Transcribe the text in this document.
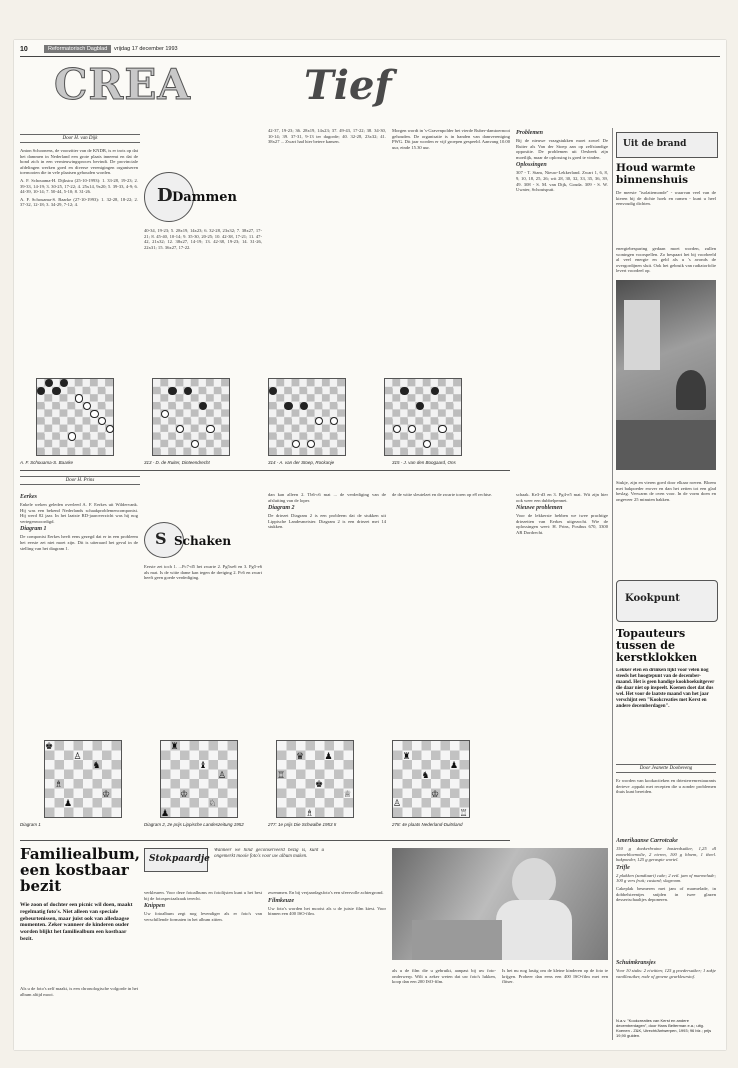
10	Reformatorisch Dagblad	vrijdag 17 december 1993
CREA	Tief
Door H. van Dijk

Anton Schoonens, de voorzitter van de KNDB, is er trots op dat het dammen in Nederland een grote plaats inneemt en dat de bond zich in een vernieuwingsproces bevindt. De provinciale afdelingen werken goed en diverse verenigingen organiseren toernooien die in vele plaatsen gehouden worden.

A. F. Schouama-H. Dijkstra (25-10-1993): 1. 33-28, 19-23; 2. 39-33, 14-19; 3. 30-25, 17-22; 4. 25x14, 9x20; 5. 39-33, 4-9; 6. 44-39, 10-14; 7. 50-44, 5-10; 8. 31-26.

A. F. Schouama-S. Baarke (27-10-1993): 1. 32-28, 18-22; 2. 37-32, 12-18; 3. 34-29, 7-12; 4.	D Dammen
40-34, 19-23; 5. 28x19, 14x23; 6. 32-28, 23x32; 7. 38x27, 17-21; 8. 45-40, 10-14; 9. 35-30, 20-25; 10. 42-38, 17-21; 11. 47-42, 21x32; 12. 38x27, 14-19; 13. 42-38, 19-23; 14. 31-26, 22x31; 15. 36x27, 17-22.
42-37, 19-23; 36. 28x19, 14x23; 37. 49-43, 17-22; 38. 34-30, 10-14; 39. 37-31, 9-13 ter dagorde; 40. 32-28, 23x32; 41. 38x27 ... Zwart had hier betere kansen.

Morgen wordt in 's-Gravenpolder het vierde Ruber-damtoernooi gehouden. De organisatie is in handen van damvereniging PWG. Dit jaar worden er vijf groepen gespeeld. Aanvang 10.00 uur, einde 15.30 uur.

Problemen

Bij de nieuwe vraagstukken moet zowel De Ruiter als Van der Stoep aan op zelfstandige oppositie. De problemen uit Oesbeek zijn moeilijk, maar de oplossing is goed te vinden.

Oplossingen

307 - T. Stam, Nieuw-Lekkerland. Zwart 1, 6, 8, 9, 10, 18, 25, 26; wit 28, 30, 32, 33, 35, 36, 39, 49. 308 - S. M. van Dijk, Gouda. 309 - S. W. Uwater, Schoutsputt.

A. F. Schouama-S. Baarke	313 - D. de Ruiter, Dinteendrecht	314 - A. van der Stoep, Rockanje	315 - J. van den Boogaard, Ons
Door H. Prins
Eerkes

Enkele weken geleden overleed A. F. Eerkes uit Wildervank. Hij was een bekend Nederlands schaakproblemencomponist. Hij werd 82 jaar. In het laatste RD-jaaroverzicht was hij nog vertegenwoordigd.

Diagram 1

De componist Eerkes heeft eens gezegd dat er in een probleem het eerste zet niet moet zijn. Dit is uiteraard het geval in de stelling van het diagram 1.

S Schaken
Eerste zet toch 1. ...Pc7-d5 het zwarte 2. Pg5xe6 en 3. Pg5-e6 als mat. Is de witte dame kan tegen de dreiging 2. Pc6 en zwart heeft geen goede verdediging.

dan kan alleen 2. Tb6-c6 mat ... de verdediging van de afsluiting van de loper.

Diagram 2

De driezet Diagram 2 is een probleem dat de stukken uit Lippische Landesmeister. Diagram 2 is een driezet met 14 stukken.

de de witte sleutelzet en de zwarte toren op e8 rechtse.	schaak. Ke3-d3 en 3. Pg4-e5 mat. Wit zijn hier ook weer een dubbelpennet.

Nieuwe problemen

Voor de lekkerste hebben we twee prachtige driezetten van Eerkes uitgezocht. Wie de oplossingen weet: H. Prins, Postbus 670, 3300 AR Dordrecht.

♚
♙
♞
♗
♔
♟
♜
♝
♙
♔
♘
♟
♛ ♟
♖
♚
♕
♗
♜
♞
♟
♔
♙
♖
Diagram 1	Diagram 2, 2e prijs Lippische Landeszeitung 1952	277: 1e prijs Die Schwalbe 1953 II	278: 4e plaats Nederland-Duitsland
Familiealbum, een kostbaar bezit
Wie zoon of dochter een picnic wil doen, maakt regelmatig foto's. Niet alleen van speciale gebeurtenissen, maar juist ook van alledaagse momenten. Zeker wanneer de kinderen ouder worden blijkt het familiealbum een kostbaar bezit.
Als u de foto's zelf maakt, is een chronologische volgorde in het album altijd mooi.
Stokpaardje
Wanneer we hind geconserveerd bezig is, kunt u ongemerkt mooie foto's voor uw album maken.

verkleuren. Voor deze fotoalbums en fotolijsten kunt u het best bij de fotospeciaalzaak terecht.

Knippen

Uw fotoalbum zegt nog levendiger als er foto's van verschillende formaten in het album zitten.

zwemmen. En bij verjaardagsfoto's een sfeervolle achtergrond.

Filmkeuze

Uw foto's worden het mooist als u de juiste film kiest. Voor binnen een 400 ISO-film.

als u de film die u gebruikt, aanpast bij uw foto-onderwerp. Wilt u zeker weten dat uw foto's lukken, koop dan een 200 ISO-film.
Is het nu nog lastig om de kleine kinderen op de foto te krijgen. Probeer dan eens een 400 ISO-film met een flitser.
Uit de brand
Houd warmte binnenshuis
De meeste "isolatiemonde" - waarvan veel van de kieren bij de dichte hoek en ramen - kunt u heel eenvoudig dichten.
energiebesparing gedaan moet worden, zullen woningen voorspellen. Zo bespaart het bij voorbeeld al veel energie en geld als u 's avonds de overgordijnen sluit. Ook het gebruik van radiatorfolie levert voordeel op.
Kookpunt
Stukje, zijn en vieren goed door elkaar roeren. Bloem met bakpoeder erover en dan het zetten tot een glad beslag. Verwarm de oven voor. In de vorm doen en ongeveer 25 minuten bakken.
Topauteurs tussen de kerstklokken
Lekker eten en drinken lijkt voor velen nog steeds het hoogtepunt van de december-maand. Het is geen handige kookboekuitgever die daar niet op inspeelt. Koenen doet dat dus wel. Het voor de laatste maand van het jaar verschijnt een "Kookcreaties met Kerst en andere decemberdagen".
Door Jeanette Dooheveng
Er worden van kookactieken en driesterrenrestaurants derieve .oppakt met recepten die u zonder problemen thuis kunt bereiden.
Amerikaanse Carrotcake

150 g donkerbruine basterdsuiker, 1,25 dl zonnebloemolie, 2 eieren, 100 g bloem, 1 theel. bakpoeder, 125 g geraspte wortel.

Trifle

2 plakken (zandtaart) cake; 2 eetl. jam of marmelade; 100 g vers fruit; custard; slagroom.

Cakeplak besmeren met jam of marmelade, in dobbelsteentjes snijden in twee glazen dessertschaaltjes deponeren.

Schuimkransjes

Voor 10 stuks: 2 eiwitten; 125 g poedersuiker; 1 zakje vanillesuiker, rode of groene geurkleurstof.

N.a.v. "Kookcreaties van Kerst en andere decemberdagen", door Hans Belterman e.a.; uitg. Koenen - Z&K, Utrecht/Antwerpen, 1993; 96 blz.; prijs 19,90 gulden.
